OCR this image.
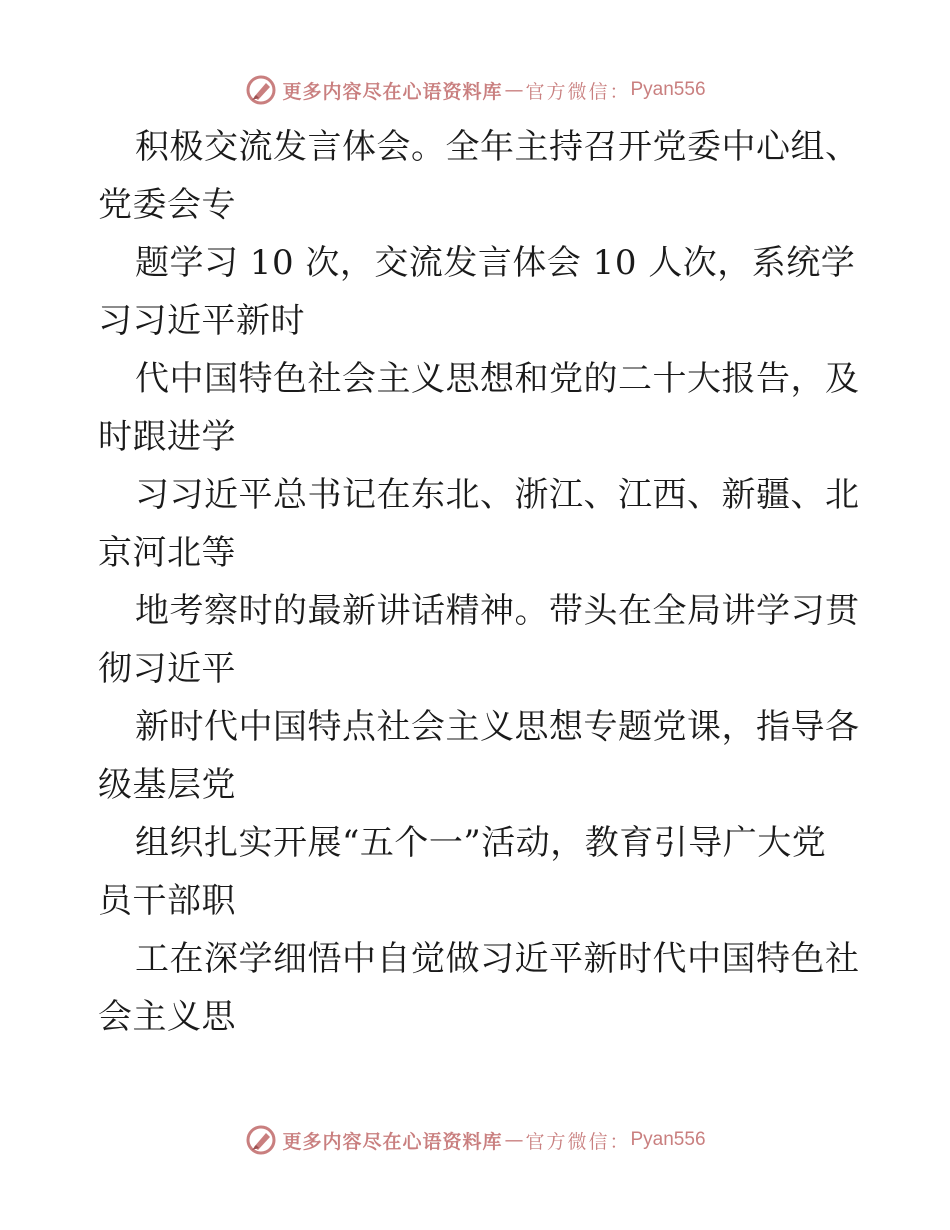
更多内容尽在心语资料库 — 官方微信： Pyan556
积极交流发言体会。全年主持召开党委中心组、
党委会专
题学习 10 次，交流发言体会 10 人次，系统学
习习近平新时
代中国特色社会主义思想和党的二十大报告，及
时跟进学
习习近平总书记在东北、浙江、江西、新疆、北
京河北等
地考察时的最新讲话精神。带头在全局讲学习贯
彻习近平
新时代中国特点社会主义思想专题党课，指导各
级基层党
组织扎实开展“五个一”活动，教育引导广大党
员干部职
工在深学细悟中自觉做习近平新时代中国特色社
会主义思
更多内容尽在心语资料库 — 官方微信： Pyan556
